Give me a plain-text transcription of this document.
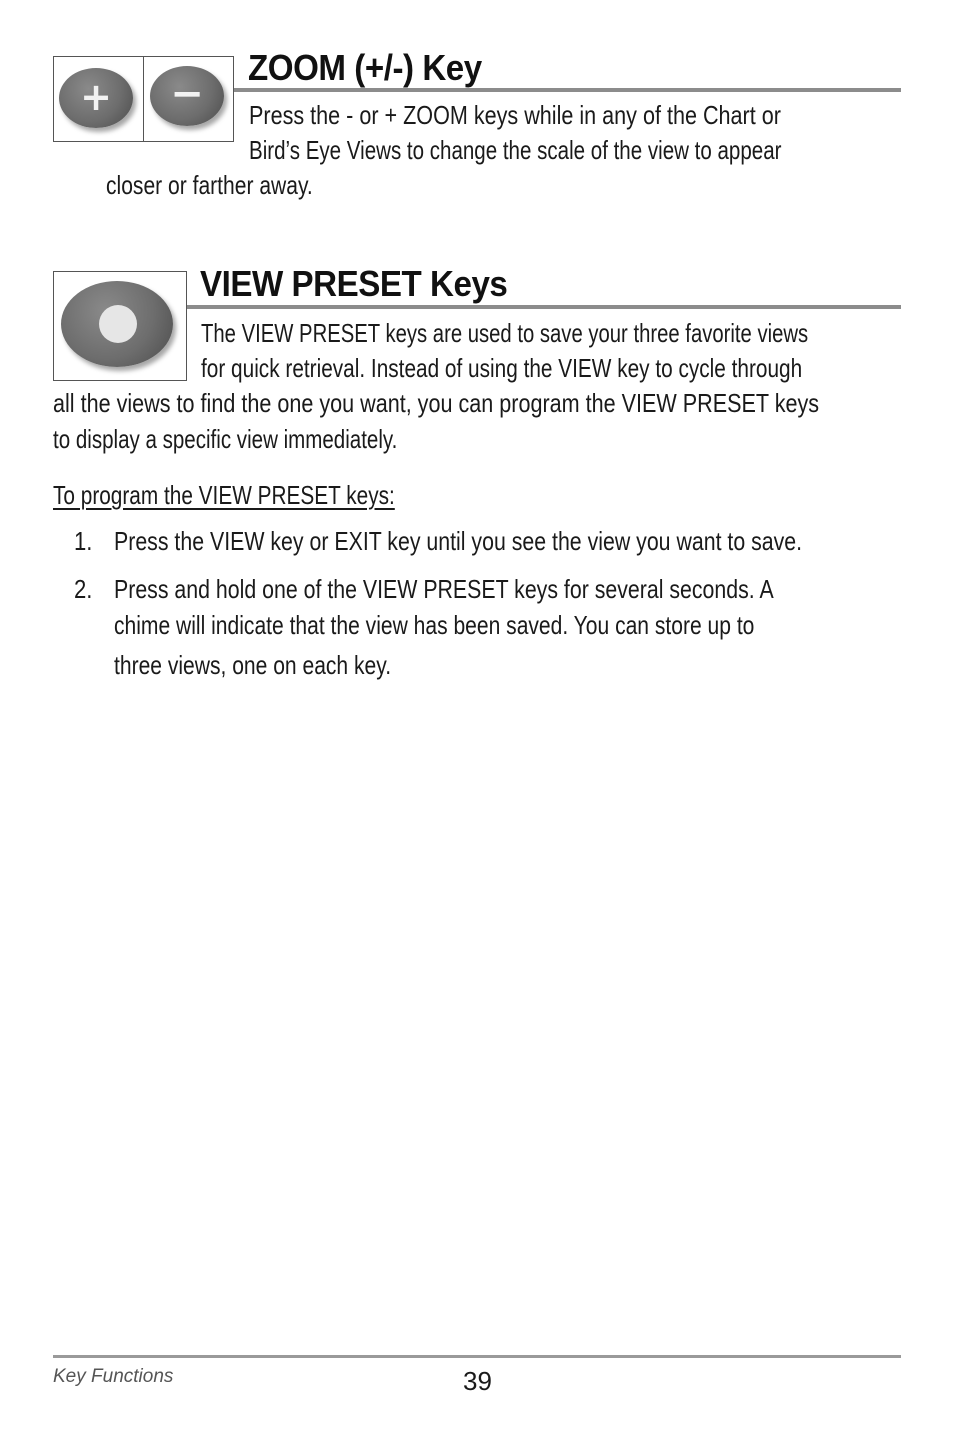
+	−
ZOOM (+/-) Key
Press the - or + ZOOM keys while in any of the Chart or
Bird’s Eye Views to change the scale of the view to appear
closer or farther away.
VIEW PRESET Keys
The VIEW PRESET keys are used to save your three favorite views
for quick retrieval. Instead of using the VIEW key to cycle through
all the views to find the one you want, you can program the VIEW PRESET keys
to display a specific view immediately.
To program the VIEW PRESET keys:
1. Press the VIEW key or EXIT key until you see the view you want to save.
2. Press and hold one of the VIEW PRESET keys for several seconds. A
chime will indicate that the view has been saved. You can store up to
three views, one on each key.
Key Functions	39
